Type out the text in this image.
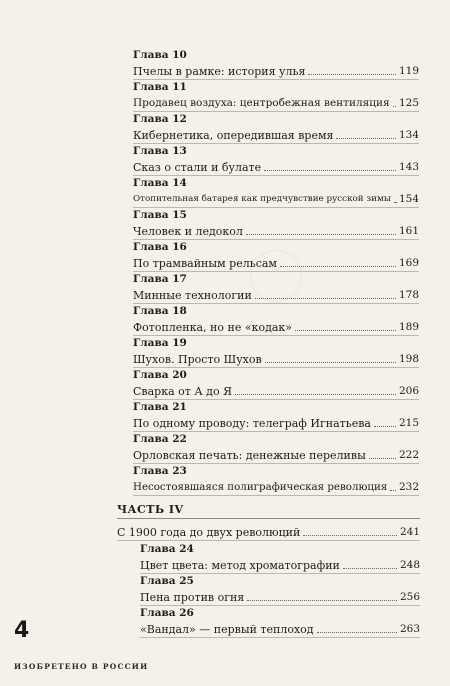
Глава 10
Пчелы в рамке: история улья	119
Глава 11
Продавец воздуха: центробежная вентиляция 125
Глава 12
Кибернетика, опередившая время	134
Глава 13
Сказ о стали и булате	143
Глава 14
Отопительная батарея как предчувствие русской зимы 154
Глава 15
Человек и ледокол	161
Глава 16
По трамвайным рельсам	169
Глава 17
Минные технологии	178
Глава 18
Фотопленка, но не «кодак»	189
Глава 19
Шухов. Просто Шухов	198
Глава 20
Сварка от А до Я	206
Глава 21
По одному проводу: телеграф Игнатьева	215
Глава 22
Орловская печать: денежные переливы	222
Глава 23
Несостоявшаяся полиграфическая революция 232
ЧАСТЬ IV
С 1900 года до двух революций	241
Глава 24
Цвет цвета: метод хроматографии	248
Глава 25
Пена против огня	256
Глава 26
«Вандал» — первый теплоход	263
4
ИЗОБРЕТЕНО В РОССИИ
